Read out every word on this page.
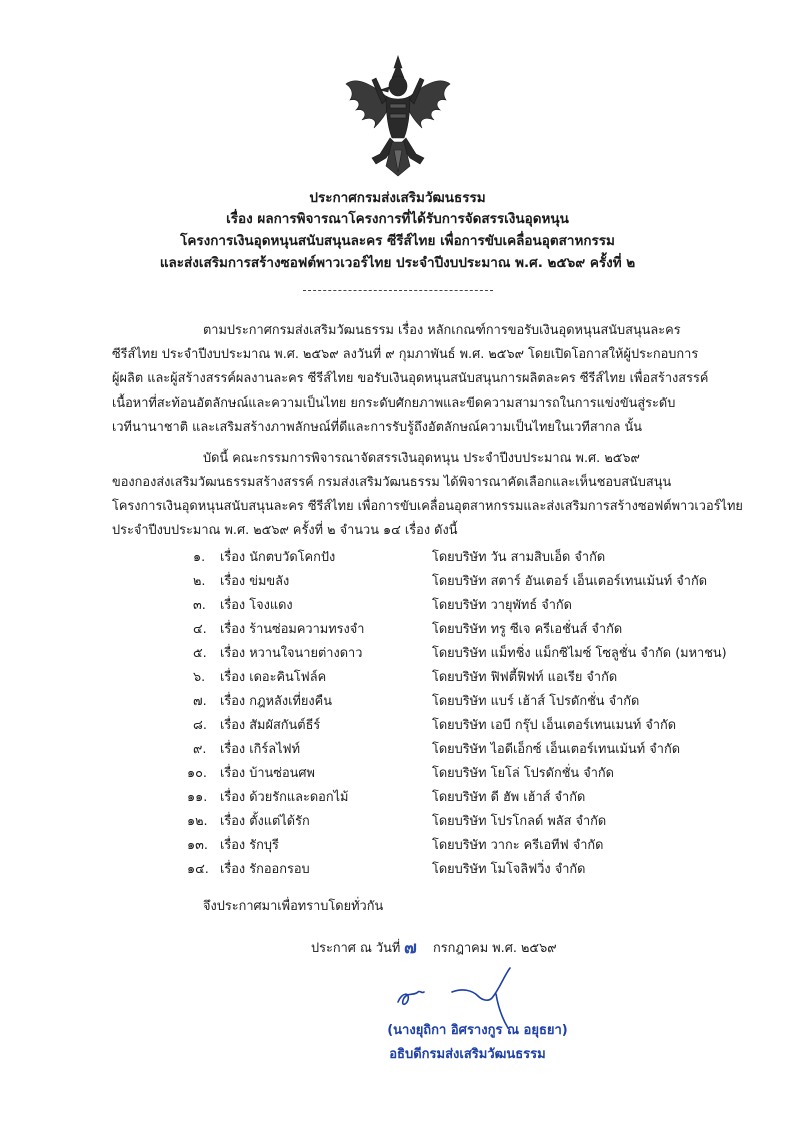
ประกาศกรมส่งเสริมวัฒนธรรม
เรื่อง ผลการพิจารณาโครงการที่ได้รับการจัดสรรเงินอุดหนุน
โครงการเงินอุดหนุนสนับสนุนละคร ซีรีส์ไทย เพื่อการขับเคลื่อนอุตสาหกรรม
และส่งเสริมการสร้างซอฟต์พาวเวอร์ไทย ประจำปีงบประมาณ พ.ศ. ๒๕๖๙ ครั้งที่ ๒
ตามประกาศกรมส่งเสริมวัฒนธรรม เรื่อง หลักเกณฑ์การขอรับเงินอุดหนุนสนับสนุนละคร
ซีรีส์ไทย ประจำปีงบประมาณ พ.ศ. ๒๕๖๙ ลงวันที่ ๙ กุมภาพันธ์ พ.ศ. ๒๕๖๙ โดยเปิดโอกาสให้ผู้ประกอบการ
ผู้ผลิต และผู้สร้างสรรค์ผลงานละคร ซีรีส์ไทย ขอรับเงินอุดหนุนสนับสนุนการผลิตละคร ซีรีส์ไทย เพื่อสร้างสรรค์
เนื้อหาที่สะท้อนอัตลักษณ์และความเป็นไทย ยกระดับศักยภาพและขีดความสามารถในการแข่งขันสู่ระดับ
เวทีนานาชาติ และเสริมสร้างภาพลักษณ์ที่ดีและการรับรู้ถึงอัตลักษณ์ความเป็นไทยในเวทีสากล นั้น
บัดนี้ คณะกรรมการพิจารณาจัดสรรเงินอุดหนุน ประจำปีงบประมาณ พ.ศ. ๒๕๖๙
ของกองส่งเสริมวัฒนธรรมสร้างสรรค์ กรมส่งเสริมวัฒนธรรม ได้พิจารณาคัดเลือกและเห็นชอบสนับสนุน
โครงการเงินอุดหนุนสนับสนุนละคร ซีรีส์ไทย เพื่อการขับเคลื่อนอุตสาหกรรมและส่งเสริมการสร้างซอฟต์พาวเวอร์ไทย
ประจำปีงบประมาณ พ.ศ. ๒๕๖๙ ครั้งที่ ๒ จำนวน ๑๔ เรื่อง ดังนี้
๑. เรื่อง นักตบวัดโคกปัง	โดยบริษัท วัน สามสิบเอ็ด จำกัด
๒. เรื่อง ข่มขลัง	โดยบริษัท สตาร์ อันเตอร์ เอ็นเตอร์เทนเม้นท์ จำกัด
๓. เรื่อง โจงแดง	โดยบริษัท วายุพัทธ์ จำกัด
๔. เรื่อง ร้านซ่อมความทรงจำ	โดยบริษัท ทรู ซีเจ ครีเอชั่นส์ จำกัด
๕. เรื่อง หวานใจนายต่างดาว	โดยบริษัท แม็ทชิ่ง แม็กซิไมซ์ โซลูชั่น จำกัด (มหาชน)
๖. เรื่อง เดอะคินโฟล์ค	โดยบริษัท ฟิฟตี้ฟิฟท์ แอเรีย จำกัด
๗. เรื่อง กฎหลังเที่ยงคืน	โดยบริษัท แบร์ เฮ้าส์ โปรดักชั่น จำกัด
๘. เรื่อง สัมผัสกันต์ธีร์	โดยบริษัท เอบี กรุ๊ป เอ็นเตอร์เทนเมนท์ จำกัด
๙. เรื่อง เกิร์ลไฟท์	โดยบริษัท ไอดีเอ็กซ์ เอ็นเตอร์เทนเม้นท์ จำกัด
๑๐. เรื่อง บ้านซ่อนศพ	โดยบริษัท โยโล่ โปรดักชั่น จำกัด
๑๑. เรื่อง ด้วยรักและดอกไม้	โดยบริษัท ดี ฮัพ เฮ้าส์ จำกัด
๑๒. เรื่อง ตั้งแต่ได้รัก	โดยบริษัท โปรโกลด์ พลัส จำกัด
๑๓. เรื่อง รักบุรี	โดยบริษัท วากะ ครีเอทีฟ จำกัด
๑๔. เรื่อง รักออกรอบ	โดยบริษัท โมโจลิฟวิ่ง จำกัด
จึงประกาศมาเพื่อทราบโดยทั่วกัน
ประกาศ ณ วันที่ ๗ กรกฎาคม พ.ศ. ๒๕๖๙
(นางยุถิกา อิศรางกูร ณ อยุธยา)
อธิบดีกรมส่งเสริมวัฒนธรรม
